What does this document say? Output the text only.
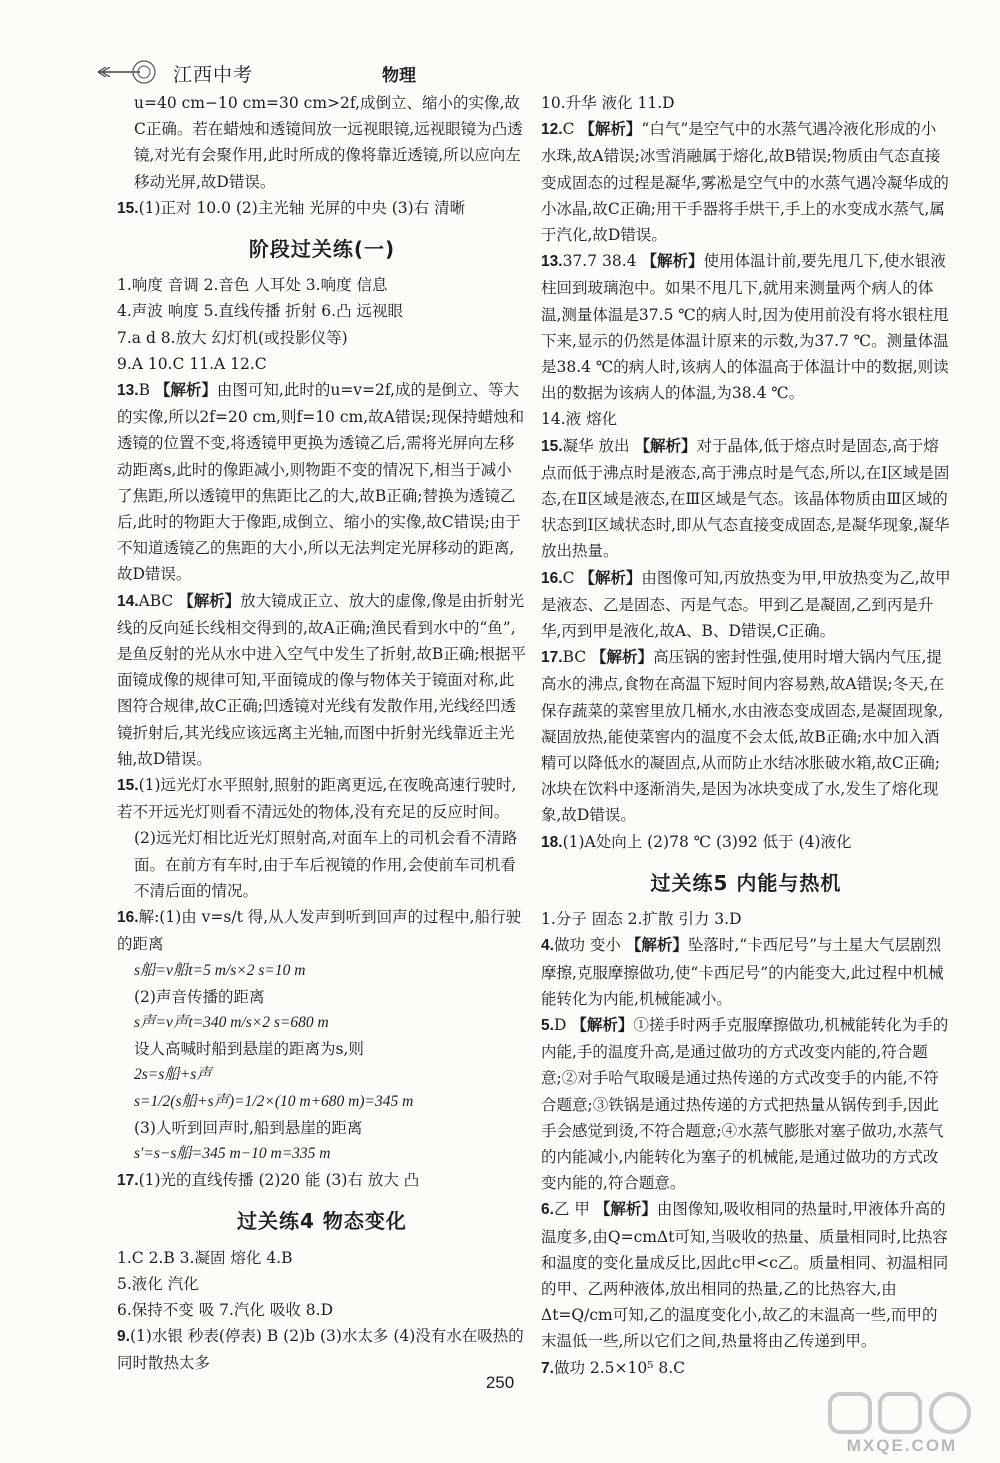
江西中考	物理

u=40 cm−10 cm=30 cm>2f,成倒立、缩小的实像,故C正确。若在蜡烛和透镜间放一远视眼镜,远视眼镜为凸透镜,对光有会聚作用,此时所成的像将靠近透镜,所以应向左移动光屏,故D错误。

15.(1)正对 10.0 (2)主光轴 光屏的中央 (3)右 清晰

阶段过关练(一)

1.响度 音调 2.音色 人耳处 3.响度 信息

4.声波 响度 5.直线传播 折射 6.凸 远视眼

7.a d 8.放大 幻灯机(或投影仪等)

9.A 10.C 11.A 12.C

13.B 【解析】由图可知,此时的u=v=2f,成的是倒立、等大的实像,所以2f=20 cm,则f=10 cm,故A错误;现保持蜡烛和透镜的位置不变,将透镜甲更换为透镜乙后,需将光屏向左移动距离s,此时的像距减小,则物距不变的情况下,相当于减小了焦距,所以透镜甲的焦距比乙的大,故B正确;替换为透镜乙后,此时的物距大于像距,成倒立、缩小的实像,故C错误;由于不知道透镜乙的焦距的大小,所以无法判定光屏移动的距离,故D错误。

14.ABC 【解析】放大镜成正立、放大的虚像,像是由折射光线的反向延长线相交得到的,故A正确;渔民看到水中的“鱼”,是鱼反射的光从水中进入空气中发生了折射,故B正确;根据平面镜成像的规律可知,平面镜成的像与物体关于镜面对称,此图符合规律,故C正确;凹透镜对光线有发散作用,光线经凹透镜折射后,其光线应该远离主光轴,而图中折射光线靠近主光轴,故D错误。

15.(1)远光灯水平照射,照射的距离更远,在夜晚高速行驶时,若不开远光灯则看不清远处的物体,没有充足的反应时间。

(2)远光灯相比近光灯照射高,对面车上的司机会看不清路面。在前方有车时,由于车后视镜的作用,会使前车司机看不清后面的情况。

16.解:(1)由 v=s/t 得,从人发声到听到回声的过程中,船行驶的距离

s船=v船t=5 m/s×2 s=10 m

(2)声音传播的距离

s声=v声t=340 m/s×2 s=680 m

设人高喊时船到悬崖的距离为s,则

2s=s船+s声

s=1/2(s船+s声)=1/2×(10 m+680 m)=345 m

(3)人听到回声时,船到悬崖的距离

s′=s−s船=345 m−10 m=335 m

17.(1)光的直线传播 (2)20 能 (3)右 放大 凸

过关练4 物态变化

1.C 2.B 3.凝固 熔化 4.B

5.液化 汽化

6.保持不变 吸 7.汽化 吸收 8.D

9.(1)水银 秒表(停表) B (2)b (3)水太多 (4)没有水在吸热的同时散热太多

10.升华 液化 11.D

12.C 【解析】“白气”是空气中的水蒸气遇冷液化形成的小水珠,故A错误;冰雪消融属于熔化,故B错误;物质由气态直接变成固态的过程是凝华,雾凇是空气中的水蒸气遇冷凝华成的小冰晶,故C正确;用干手器将手烘干,手上的水变成水蒸气,属于汽化,故D错误。

13.37.7 38.4 【解析】使用体温计前,要先甩几下,使水银液柱回到玻璃泡中。如果不甩几下,就用来测量两个病人的体温,测量体温是37.5 ℃的病人时,因为使用前没有将水银柱甩下来,显示的仍然是体温计原来的示数,为37.7 ℃。测量体温是38.4 ℃的病人时,该病人的体温高于体温计中的数据,则读出的数据为该病人的体温,为38.4 ℃。

14.液 熔化

15.凝华 放出 【解析】对于晶体,低于熔点时是固态,高于熔点而低于沸点时是液态,高于沸点时是气态,所以,在Ⅰ区域是固态,在Ⅱ区域是液态,在Ⅲ区域是气态。该晶体物质由Ⅲ区域的状态到Ⅰ区域状态时,即从气态直接变成固态,是凝华现象,凝华放出热量。

16.C 【解析】由图像可知,丙放热变为甲,甲放热变为乙,故甲是液态、乙是固态、丙是气态。甲到乙是凝固,乙到丙是升华,丙到甲是液化,故A、B、D错误,C正确。

17.BC 【解析】高压锅的密封性强,使用时增大锅内气压,提高水的沸点,食物在高温下短时间内容易熟,故A错误;冬天,在保存蔬菜的菜窖里放几桶水,水由液态变成固态,是凝固现象,凝固放热,能使菜窖内的温度不会太低,故B正确;水中加入酒精可以降低水的凝固点,从而防止水结冰胀破水箱,故C正确;冰块在饮料中逐渐消失,是因为冰块变成了水,发生了熔化现象,故D错误。

18.(1)A处向上 (2)78 ℃ (3)92 低于 (4)液化

过关练5 内能与热机

1.分子 固态 2.扩散 引力 3.D

4.做功 变小 【解析】坠落时,“卡西尼号”与土星大气层剧烈摩擦,克服摩擦做功,使“卡西尼号”的内能变大,此过程中机械能转化为内能,机械能减小。

5.D 【解析】①搓手时两手克服摩擦做功,机械能转化为手的内能,手的温度升高,是通过做功的方式改变内能的,符合题意;②对手哈气取暖是通过热传递的方式改变手的内能,不符合题意;③铁锅是通过热传递的方式把热量从锅传到手,因此手会感觉到烫,不符合题意;④水蒸气膨胀对塞子做功,水蒸气的内能减小,内能转化为塞子的机械能,是通过做功的方式改变内能的,符合题意。

6.乙 甲 【解析】由图像知,吸收相同的热量时,甲液体升高的温度多,由Q=cmΔt可知,当吸收的热量、质量相同时,比热容和温度的变化量成反比,因此c甲<c乙。质量相同、初温相同的甲、乙两种液体,放出相同的热量,乙的比热容大,由Δt=Q/cm可知,乙的温度变化小,故乙的末温高一些,而甲的末温低一些,所以它们之间,热量将由乙传递到甲。

7.做功 2.5×10⁵ 8.C

250
MXQE.COM
